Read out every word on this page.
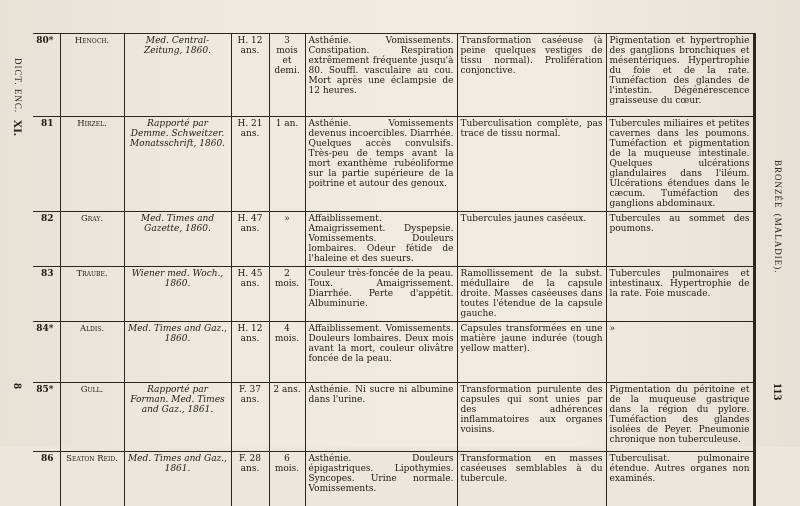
DICT. ENC.  XI.
8
80*	Henoch.	Med. Central-Zeitung, 1860.	H. 12 ans.	3 mois et demi.	Asthénie. Vomissements. Constipation. Respiration extrêmement fréquente jusqu'à 80. Souffl. vasculaire au cou. Mort après une éclampsie de 12 heures.	Transformation caséeuse (à peine quelques vestiges de tissu normal). Prolifération conjonctive.	Pigmentation et hypertrophie des ganglions bronchiques et mésentériques. Hypertrophie du foie et de la rate. Tuméfaction des glandes de l'intestin. Dégénérescence graisseuse du cœur.
81	Hirzel.	Rapporté par Demme. Schweitzer. Monatsschrift, 1860.	H. 21 ans.	1 an.	Asthénie. Vomissements devenus incoercibles. Diarrhée. Quelques accès convulsifs. Très-peu de temps avant la mort exanthème rubéoliforme sur la partie supérieure de la poitrine et autour des genoux.	Tuberculisation complète, pas trace de tissu normal.	Tubercules miliaires et petites cavernes dans les poumons. Tuméfaction et pigmentation de la muqueuse intestinale. Quelques ulcérations glandulaires dans l'iléum. Ulcérations étendues dans le cæcum. Tuméfaction des ganglions abdominaux.
82	Gray.	Med. Times and Gazette, 1860.	H. 47 ans.	»	Affaiblissement. Amaigrissement. Dyspepsie. Vomissements. Douleurs lombaires. Odeur fétide de l'haleine et des sueurs.	Tubercules jaunes caséeux.	Tubercules au sommet des poumons.
83	Traube.	Wiener med. Woch., 1860.	H. 45 ans.	2 mois.	Couleur très-foncée de la peau. Toux. Amaigrissement. Diarrhée. Perte d'appétit. Albuminurie.	Ramollissement de la subst. médullaire de la capsule droite. Masses caséeuses dans toutes l'étendue de la capsule gauche.	Tubercules pulmonaires et intestinaux. Hypertrophie de la rate. Foie muscade.
84*	Aldis.	Med. Times and Gaz., 1860.	H. 12 ans.	4 mois.	Affaiblissement. Vomissements. Douleurs lombaires. Deux mois avant la mort, couleur olivâtre foncée de la peau.	Capsules transformées en une matière jaune indurée (tough yellow matter).	»
85*	Gull.	Rapporté par Forman. Med. Times and Gaz., 1861.	F. 37 ans.	2 ans.	Asthénie. Ni sucre ni albumine dans l'urine.	Transformation purulente des capsules qui sont unies par des adhérences inflammatoires aux organes voisins.	Pigmentation du péritoine et de la muqueuse gastrique dans la région du pylore. Tuméfaction des glandes isolées de Peyer. Pneumonie chronique non tuberculeuse.
86	Seaton Reid.	Med. Times and Gaz., 1861.	F. 28 ans.	6 mois.	Asthénie. Douleurs épigastriques. Lipothymies. Syncopes. Urine normale. Vomissements.	Transformation en masses caséeuses semblables à du tubercule.	Tuberculisat. pulmonaire étendue. Autres organes non examinés.
BRONZÉE (MALADIE).
113
